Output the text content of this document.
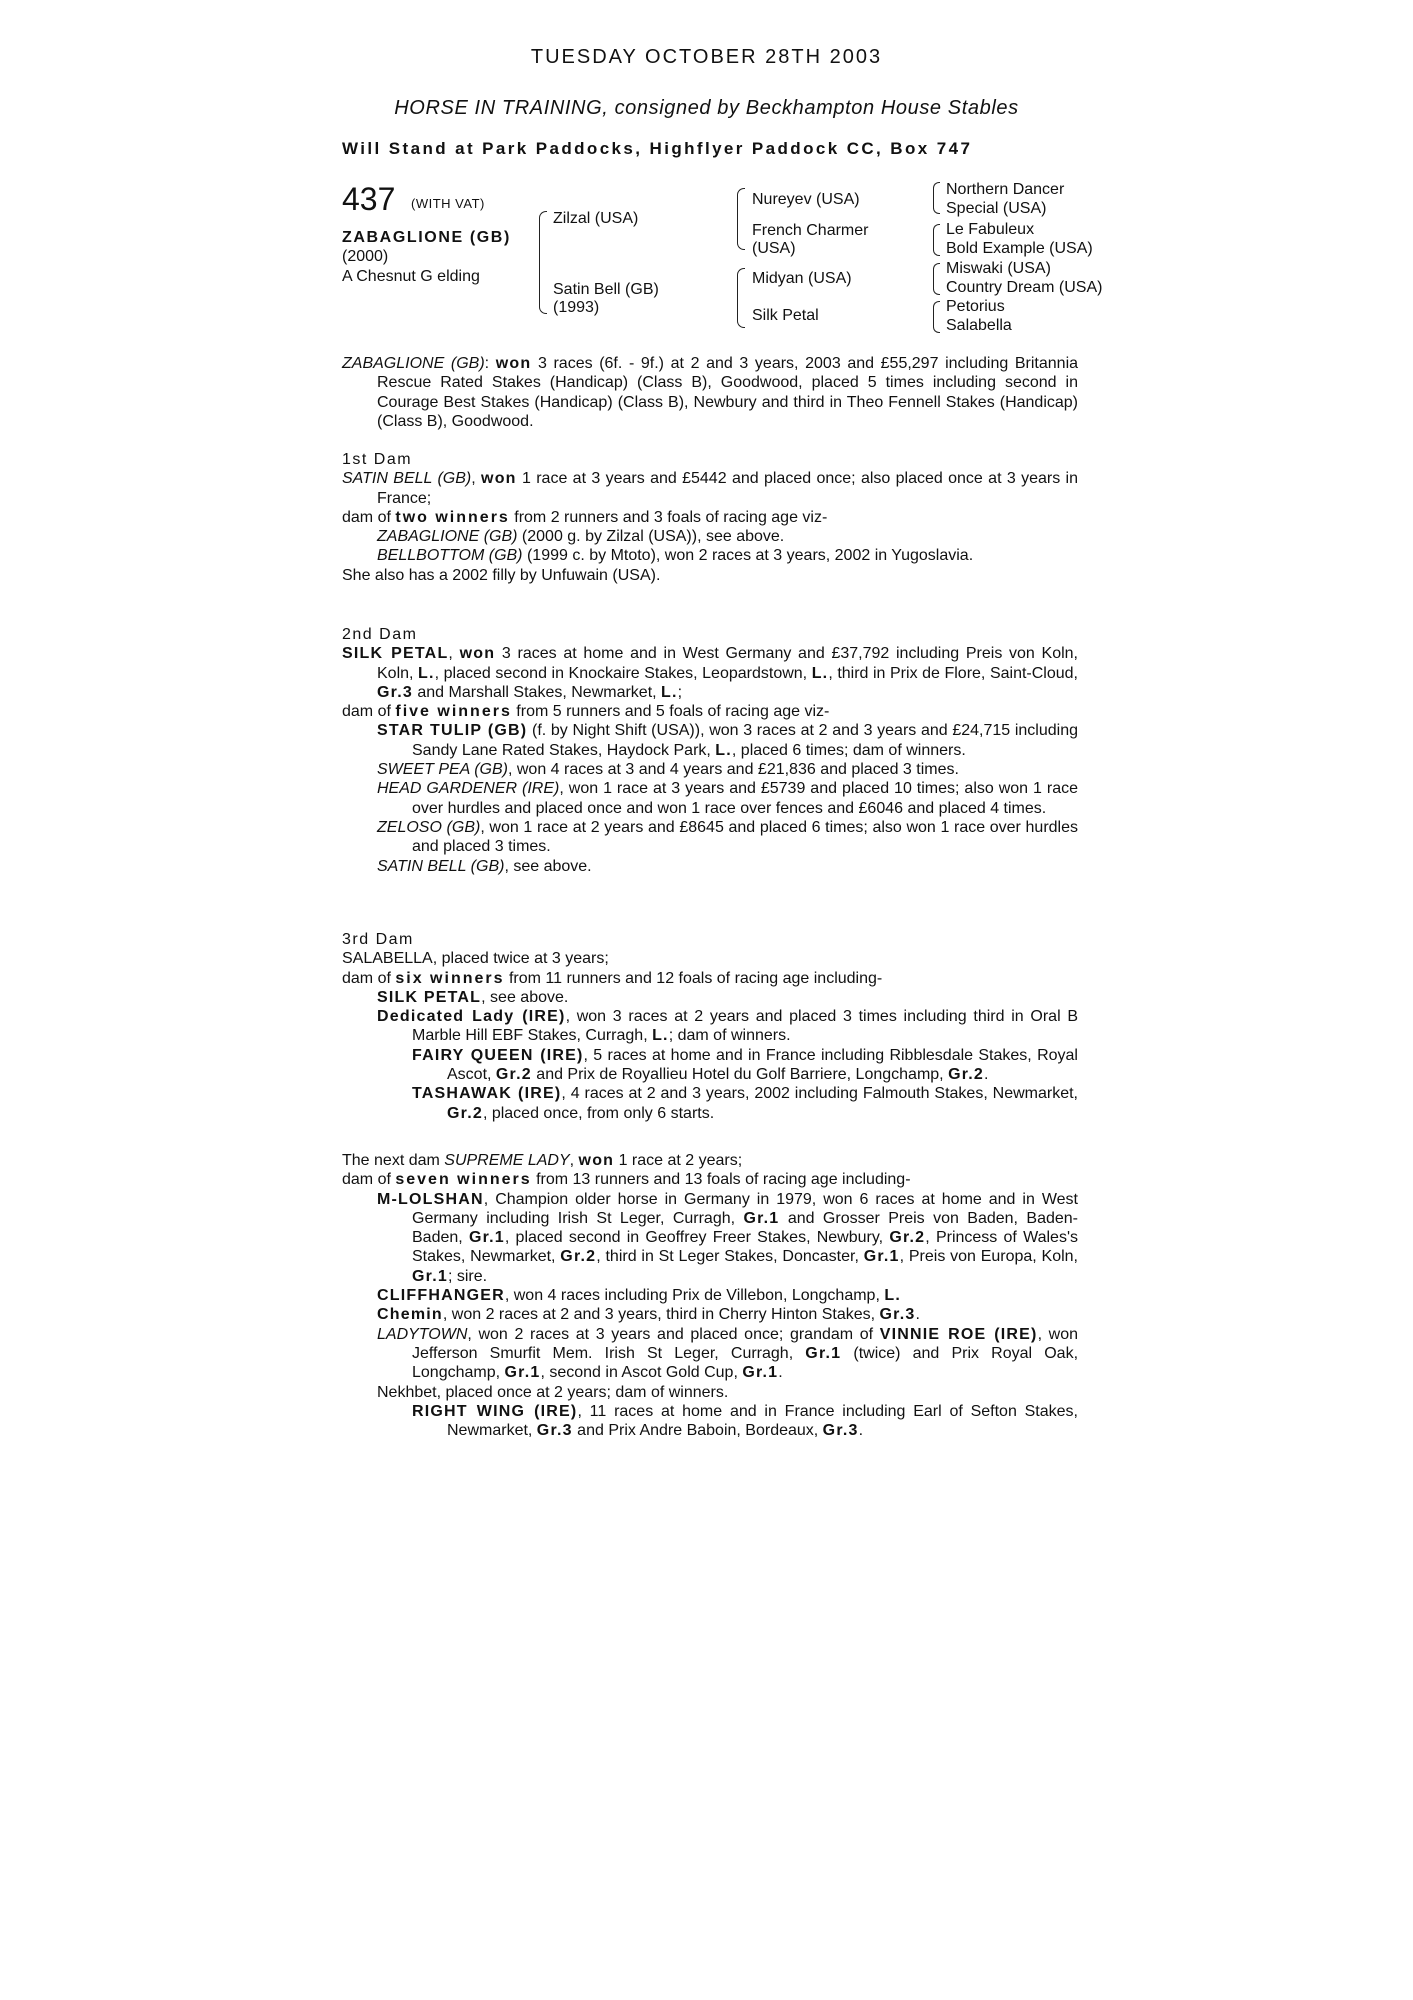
TUESDAY OCTOBER 28TH 2003
HORSE IN TRAINING, consigned by Beckhampton House Stables
Will Stand at Park Paddocks, Highflyer Paddock CC, Box 747
437 (WITH VAT)
ZABAGLIONE (GB)
(2000)
A Chesnut G elding
Zilzal (USA)
Satin Bell (GB)
(1993)
Nureyev (USA)
French Charmer
(USA)
Midyan (USA)
Silk Petal
Northern Dancer
Special (USA)
Le Fabuleux
Bold Example (USA)
Miswaki (USA)
Country Dream (USA)
Petorius
Salabella

ZABAGLIONE (GB): won 3 races (6f. - 9f.) at 2 and 3 years, 2003 and £55,297 including Britannia Rescue Rated Stakes (Handicap) (Class B), Goodwood, placed 5 times including second in Courage Best Stakes (Handicap) (Class B), Newbury and third in Theo Fennell Stakes (Handicap) (Class B), Goodwood.

1st Dam

SATIN BELL (GB), won 1 race at 3 years and £5442 and placed once; also placed once at 3 years in France;

dam of two winners from 2 runners and 3 foals of racing age viz-

ZABAGLIONE (GB) (2000 g. by Zilzal (USA)), see above.

BELLBOTTOM (GB) (1999 c. by Mtoto), won 2 races at 3 years, 2002 in Yugoslavia.

She also has a 2002 filly by Unfuwain (USA).

2nd Dam

SILK PETAL, won 3 races at home and in West Germany and £37,792 including Preis von Koln, Koln, L., placed second in Knockaire Stakes, Leopardstown, L., third in Prix de Flore, Saint-Cloud, Gr.3 and Marshall Stakes, Newmarket, L.;

dam of five winners from 5 runners and 5 foals of racing age viz-

STAR TULIP (GB) (f. by Night Shift (USA)), won 3 races at 2 and 3 years and £24,715 including Sandy Lane Rated Stakes, Haydock Park, L., placed 6 times; dam of winners.

SWEET PEA (GB), won 4 races at 3 and 4 years and £21,836 and placed 3 times.

HEAD GARDENER (IRE), won 1 race at 3 years and £5739 and placed 10 times; also won 1 race over hurdles and placed once and won 1 race over fences and £6046 and placed 4 times.

ZELOSO (GB), won 1 race at 2 years and £8645 and placed 6 times; also won 1 race over hurdles and placed 3 times.

SATIN BELL (GB), see above.

3rd Dam

SALABELLA, placed twice at 3 years;

dam of six winners from 11 runners and 12 foals of racing age including-

SILK PETAL, see above.

Dedicated Lady (IRE), won 3 races at 2 years and placed 3 times including third in Oral B Marble Hill EBF Stakes, Curragh, L.; dam of winners.

FAIRY QUEEN (IRE), 5 races at home and in France including Ribblesdale Stakes, Royal Ascot, Gr.2 and Prix de Royallieu Hotel du Golf Barriere, Longchamp, Gr.2.

TASHAWAK (IRE), 4 races at 2 and 3 years, 2002 including Falmouth Stakes, Newmarket, Gr.2, placed once, from only 6 starts.

The next dam SUPREME LADY, won 1 race at 2 years;

dam of seven winners from 13 runners and 13 foals of racing age including-

M-LOLSHAN, Champion older horse in Germany in 1979, won 6 races at home and in West Germany including Irish St Leger, Curragh, Gr.1 and Grosser Preis von Baden, Baden-Baden, Gr.1, placed second in Geoffrey Freer Stakes, Newbury, Gr.2, Princess of Wales's Stakes, Newmarket, Gr.2, third in St Leger Stakes, Doncaster, Gr.1, Preis von Europa, Koln, Gr.1; sire.

CLIFFHANGER, won 4 races including Prix de Villebon, Longchamp, L.

Chemin, won 2 races at 2 and 3 years, third in Cherry Hinton Stakes, Gr.3.

LADYTOWN, won 2 races at 3 years and placed once; grandam of VINNIE ROE (IRE), won Jefferson Smurfit Mem. Irish St Leger, Curragh, Gr.1 (twice) and Prix Royal Oak, Longchamp, Gr.1, second in Ascot Gold Cup, Gr.1.

Nekhbet, placed once at 2 years; dam of winners.

RIGHT WING (IRE), 11 races at home and in France including Earl of Sefton Stakes, Newmarket, Gr.3 and Prix Andre Baboin, Bordeaux, Gr.3.
